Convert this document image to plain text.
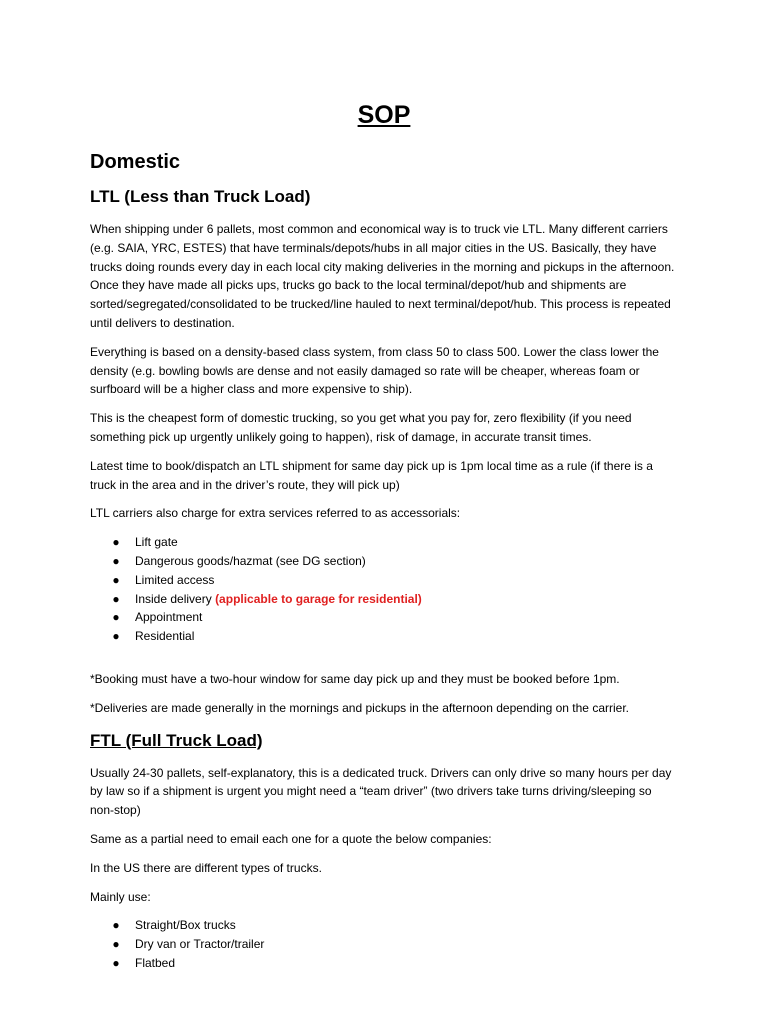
SOP
Domestic
LTL (Less than Truck Load)

When shipping under 6 pallets, most common and economical way is to truck vie LTL. Many different carriers (e.g. SAIA, YRC, ESTES) that have terminals/depots/hubs in all major cities in the US. Basically, they have trucks doing rounds every day in each local city making deliveries in the morning and pickups in the afternoon. Once they have made all picks ups, trucks go back to the local terminal/depot/hub and shipments are sorted/segregated/consolidated to be trucked/line hauled to next terminal/depot/hub. This process is repeated until delivers to destination.

Everything is based on a density-based class system, from class 50 to class 500. Lower the class lower the density (e.g. bowling bowls are dense and not easily damaged so rate will be cheaper, whereas foam or surfboard will be a higher class and more expensive to ship).

This is the cheapest form of domestic trucking, so you get what you pay for, zero flexibility (if you need something pick up urgently unlikely going to happen), risk of damage, in accurate transit times.

Latest time to book/dispatch an LTL shipment for same day pick up is 1pm local time as a rule (if there is a truck in the area and in the driver’s route, they will pick up)

LTL carriers also charge for extra services referred to as accessorials:

● Lift gate
● Dangerous goods/hazmat (see DG section)
● Limited access
● Inside delivery (applicable to garage for residential)
● Appointment
● Residential

*Booking must have a two-hour window for same day pick up and they must be booked before 1pm.

*Deliveries are made generally in the mornings and pickups in the afternoon depending on the carrier.

FTL (Full Truck Load)

Usually 24-30 pallets, self-explanatory, this is a dedicated truck. Drivers can only drive so many hours per day by law so if a shipment is urgent you might need a “team driver” (two drivers take turns driving/sleeping so non-stop)

Same as a partial need to email each one for a quote the below companies:

In the US there are different types of trucks.

Mainly use:

● Straight/Box trucks
● Dry van or Tractor/trailer
● Flatbed
